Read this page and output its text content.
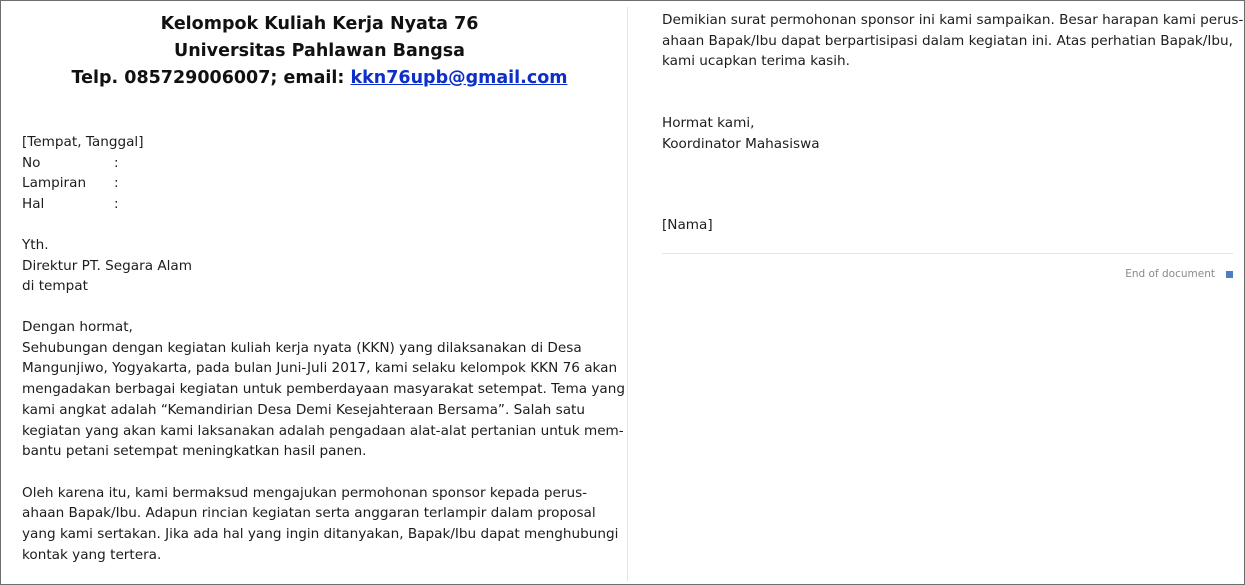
Kelompok Kuliah Kerja Nyata 76
Universitas Pahlawan Bangsa
Telp. 085729006007; email: kkn76upb@gmail.com
[Tempat, Tanggal]
No	:
Lampiran	:
Hal	:
Yth.
Direktur PT. Segara Alam
di tempat
Dengan hormat,
Sehubungan dengan kegiatan kuliah kerja nyata (KKN) yang dilaksanakan di Desa
Mangunjiwo, Yogyakarta, pada bulan Juni-Juli 2017, kami selaku kelompok KKN 76 akan
mengadakan berbagai kegiatan untuk pemberdayaan masyarakat setempat. Tema yang
kami angkat adalah “Kemandirian Desa Demi Kesejahteraan Bersama”. Salah satu
kegiatan yang akan kami laksanakan adalah pengadaan alat-alat pertanian untuk mem-
bantu petani setempat meningkatkan hasil panen.
Oleh karena itu, kami bermaksud mengajukan permohonan sponsor kepada perus-
ahaan Bapak/Ibu. Adapun rincian kegiatan serta anggaran terlampir dalam proposal
yang kami sertakan. Jika ada hal yang ingin ditanyakan, Bapak/Ibu dapat menghubungi
kontak yang tertera.
Demikian surat permohonan sponsor ini kami sampaikan. Besar harapan kami perus-
ahaan Bapak/Ibu dapat berpartisipasi dalam kegiatan ini. Atas perhatian Bapak/Ibu,
kami ucapkan terima kasih.
Hormat kami,
Koordinator Mahasiswa
[Nama]
End of document
